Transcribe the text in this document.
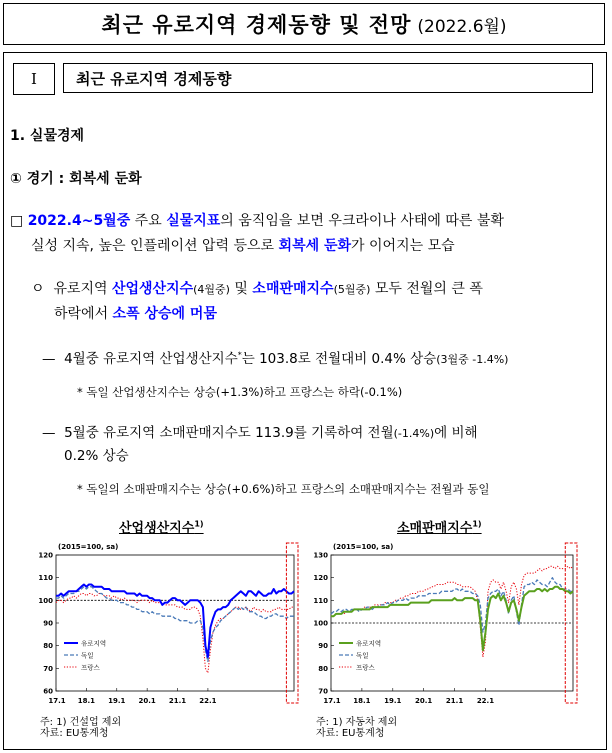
최근 유로지역 경제동향 및 전망 (2022.6월)
Ⅰ	최근 유로지역 경제동향
1. 실물경제
① 경기 : 회복세 둔화
□ 2022.4~5월중 주요 실물지표의 움직임을 보면 우크라이나 사태에 따른 불확
실성 지속, 높은 인플레이션 압력 등으로 회복세 둔화가 이어지는 모습
ㅇ 유로지역 산업생산지수(4월중) 및 소매판매지수(5월중) 모두 전월의 큰 폭
하락에서 소폭 상승에 머뭄
— 4월중 유로지역 산업생산지수*는 103.8로 전월대비 0.4% 상승(3월중 -1.4%)
* 독일 산업생산지수는 상승(+1.3%)하고 프랑스는 하락(-0.1%)
— 5월중 유로지역 소매판매지수도 113.9를 기록하여 전월(-1.4%)에 비해
0.2% 상승
* 독일의 소매판매지수는 상승(+0.6%)하고 프랑스의 소매판매지수는 전월과 동일
산업생산지수$^{1)}$	소매판매지수$^{1)}$
(2015=100, sa)
60
70
80
90
100
110
120
17.1 18.1 19.1 20.1 21.1 22.1
유로지역
독일
프랑스
(2015=100, sa)
70
80
90
100
110
120
130
17.1 18.1 19.1 20.1 21.1 22.1
유로지역
독일
프랑스
주: 1) 건설업 제외
자료: EU통계청
주: 1) 자동차 제외
자료: EU통계청
